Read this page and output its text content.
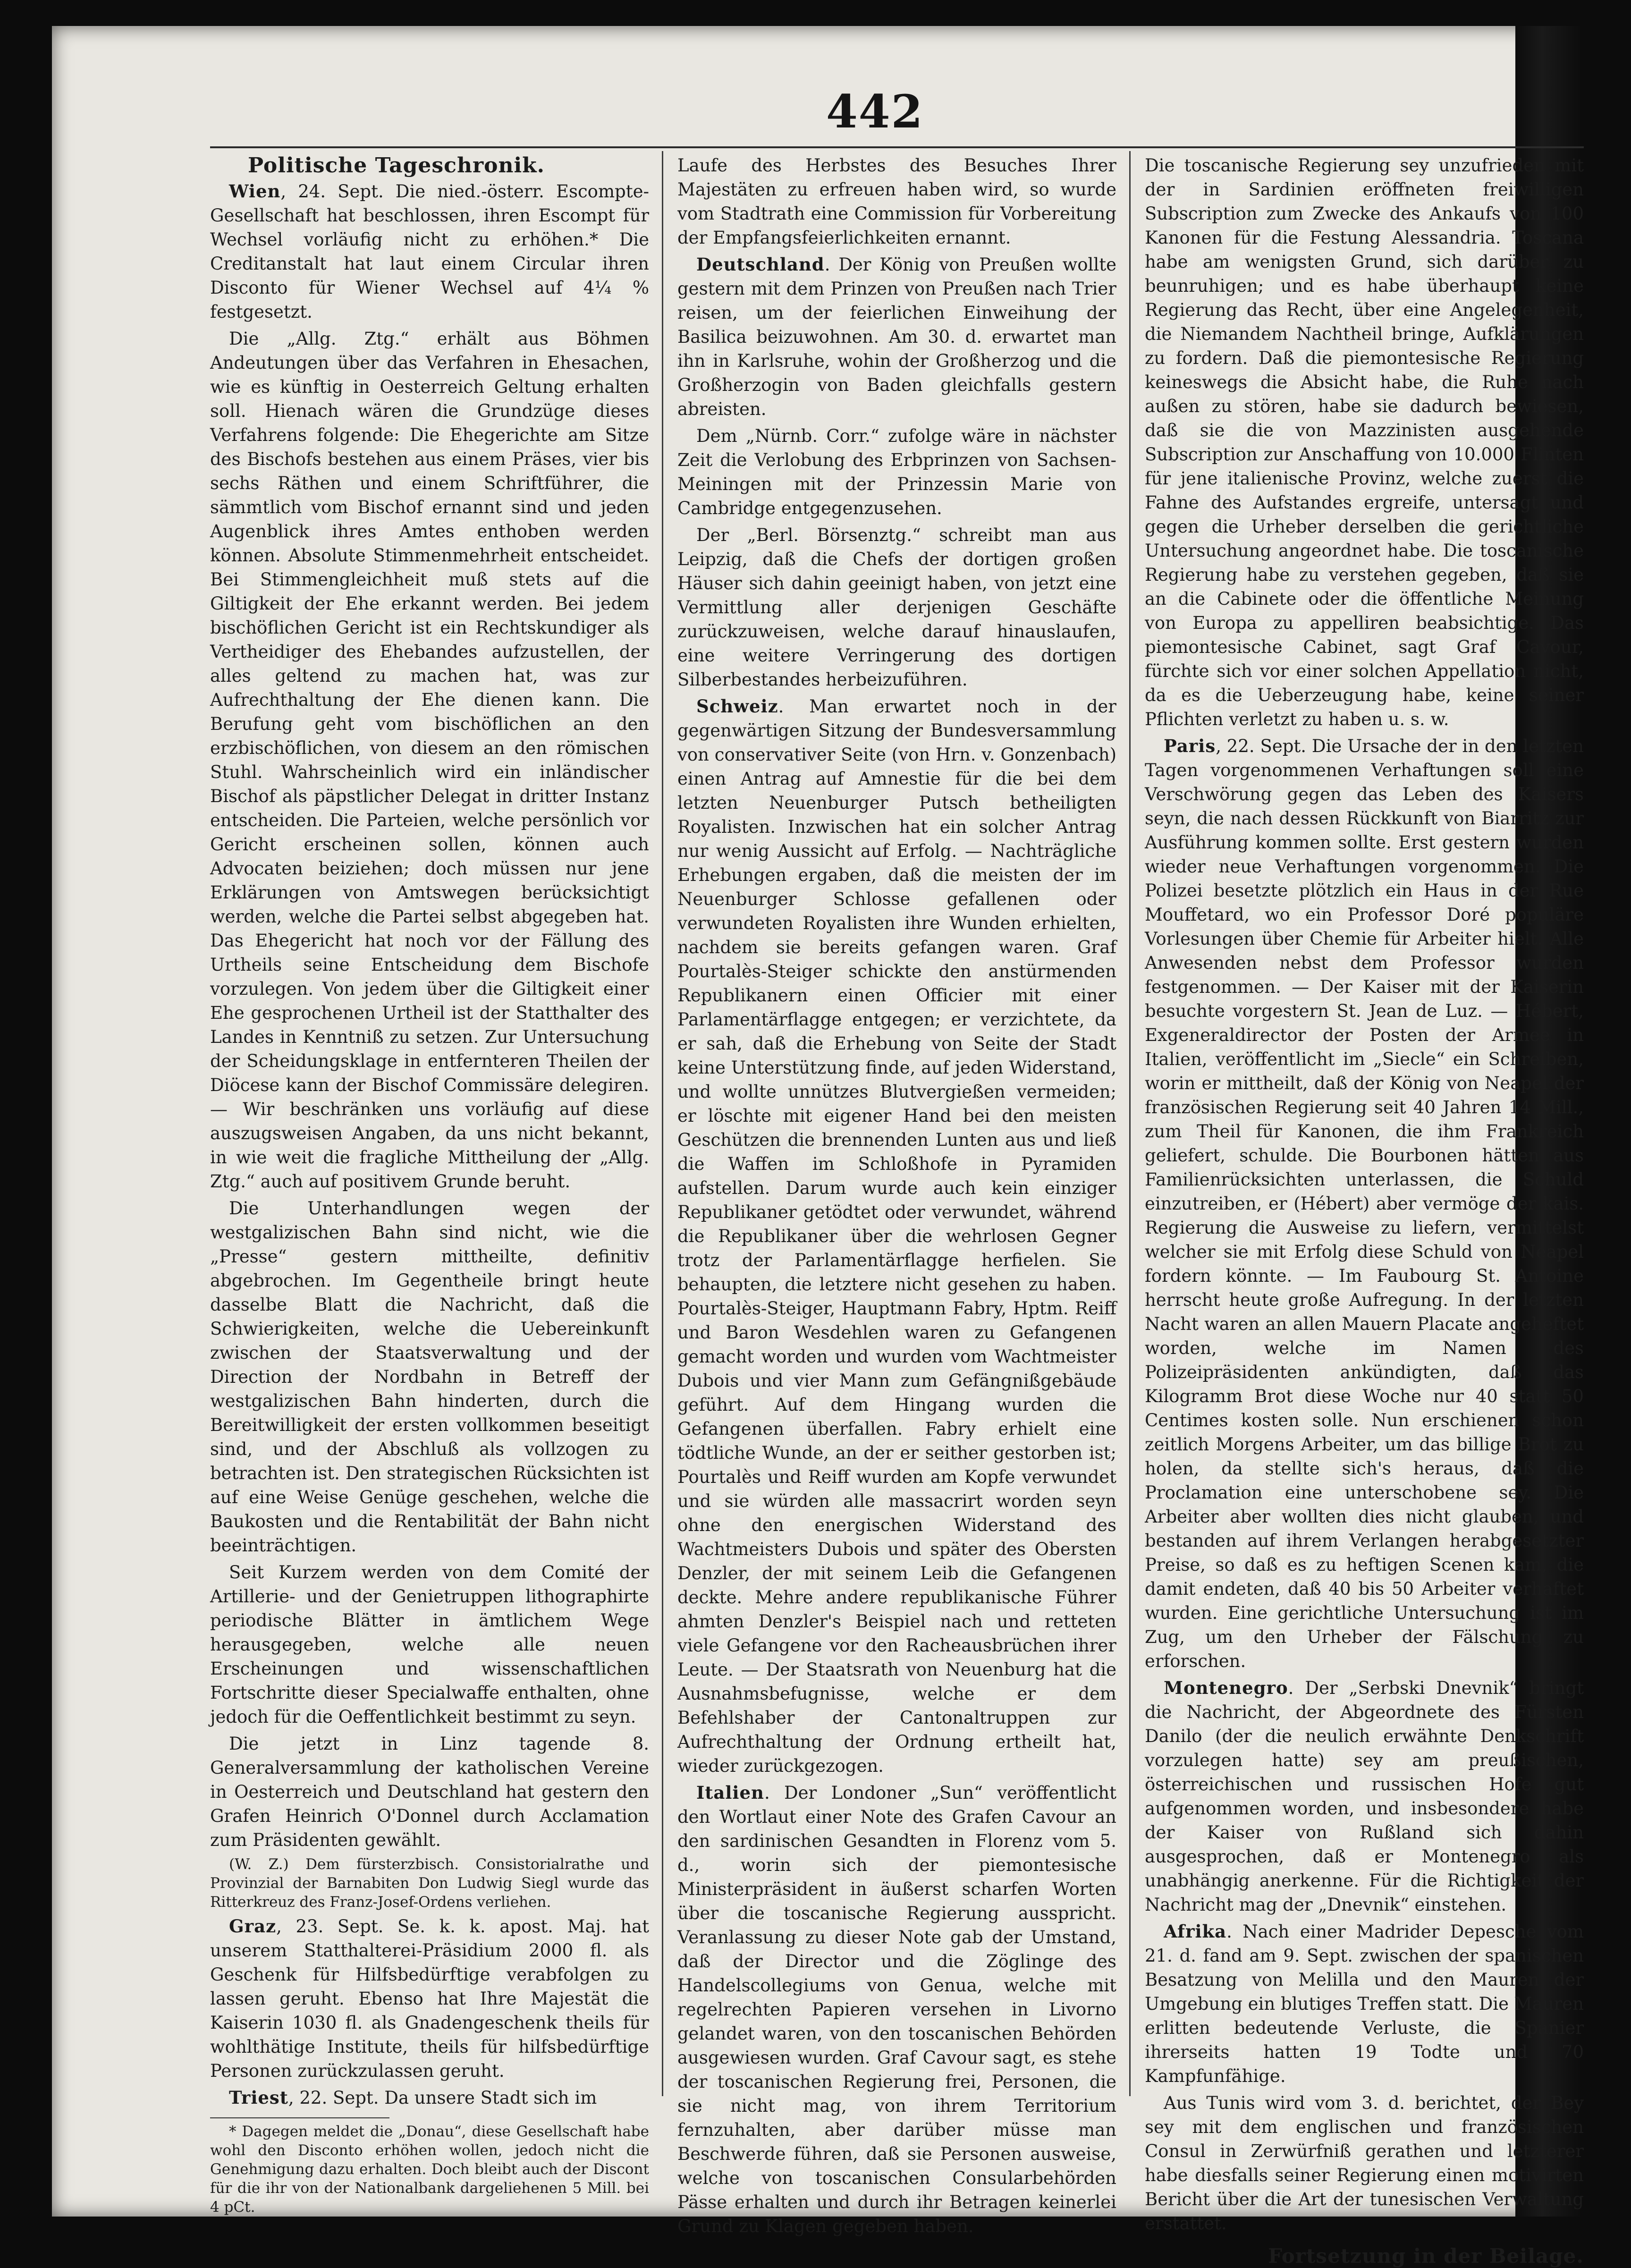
442
Politische Tageschronik.
Wien, 24. Sept. Die nied.-österr. Escompte-Gesellschaft hat beschlossen, ihren Escompt für Wechsel vorläufig nicht zu erhöhen.* Die Creditanstalt hat laut einem Circular ihren Disconto für Wiener Wechsel auf 4¼ % festgesetzt.
Die „Allg. Ztg.“ erhält aus Böhmen Andeutungen über das Verfahren in Ehesachen, wie es künftig in Oesterreich Geltung erhalten soll. Hienach wären die Grundzüge dieses Verfahrens folgende: Die Ehegerichte am Sitze des Bischofs bestehen aus einem Präses, vier bis sechs Räthen und einem Schriftführer, die sämmtlich vom Bischof ernannt sind und jeden Augenblick ihres Amtes enthoben werden können. Absolute Stimmenmehrheit entscheidet. Bei Stimmengleichheit muß stets auf die Giltigkeit der Ehe erkannt werden. Bei jedem bischöflichen Gericht ist ein Rechtskundiger als Vertheidiger des Ehebandes aufzustellen, der alles geltend zu machen hat, was zur Aufrechthaltung der Ehe dienen kann. Die Berufung geht vom bischöflichen an den erzbischöflichen, von diesem an den römischen Stuhl. Wahrscheinlich wird ein inländischer Bischof als päpstlicher Delegat in dritter Instanz entscheiden. Die Parteien, welche persönlich vor Gericht erscheinen sollen, können auch Advocaten beiziehen; doch müssen nur jene Erklärungen von Amtswegen berücksichtigt werden, welche die Partei selbst abgegeben hat. Das Ehegericht hat noch vor der Fällung des Urtheils seine Entscheidung dem Bischofe vorzulegen. Von jedem über die Giltigkeit einer Ehe gesprochenen Urtheil ist der Statthalter des Landes in Kenntniß zu setzen. Zur Untersuchung der Scheidungsklage in entfernteren Theilen der Diöcese kann der Bischof Commissäre delegiren. — Wir beschränken uns vorläufig auf diese auszugsweisen Angaben, da uns nicht bekannt, in wie weit die fragliche Mittheilung der „Allg. Ztg.“ auch auf positivem Grunde beruht.
Die Unterhandlungen wegen der westgalizischen Bahn sind nicht, wie die „Presse“ gestern mittheilte, definitiv abgebrochen. Im Gegentheile bringt heute dasselbe Blatt die Nachricht, daß die Schwierigkeiten, welche die Uebereinkunft zwischen der Staatsverwaltung und der Direction der Nordbahn in Betreff der westgalizischen Bahn hinderten, durch die Bereitwilligkeit der ersten vollkommen beseitigt sind, und der Abschluß als vollzogen zu betrachten ist. Den strategischen Rücksichten ist auf eine Weise Genüge geschehen, welche die Baukosten und die Rentabilität der Bahn nicht beeinträchtigen.
Seit Kurzem werden von dem Comité der Artillerie- und der Genietruppen lithographirte periodische Blätter in ämtlichem Wege herausgegeben, welche alle neuen Erscheinungen und wissenschaftlichen Fortschritte dieser Specialwaffe enthalten, ohne jedoch für die Oeffentlichkeit bestimmt zu seyn.
Die jetzt in Linz tagende 8. Generalversammlung der katholischen Vereine in Oesterreich und Deutschland hat gestern den Grafen Heinrich O'Donnel durch Acclamation zum Präsidenten gewählt.
(W. Z.) Dem fürsterzbisch. Consistorialrathe und Provinzial der Barnabiten Don Ludwig Siegl wurde das Ritterkreuz des Franz-Josef-Ordens verliehen.
Graz, 23. Sept. Se. k. k. apost. Maj. hat unserem Statthalterei-Präsidium 2000 fl. als Geschenk für Hilfsbedürftige verabfolgen zu lassen geruht. Ebenso hat Ihre Majestät die Kaiserin 1030 fl. als Gnadengeschenk theils für wohlthätige Institute, theils für hilfsbedürftige Personen zurückzulassen geruht.
Triest, 22. Sept. Da unsere Stadt sich im
* Dagegen meldet die „Donau“, diese Gesellschaft habe wohl den Disconto erhöhen wollen, jedoch nicht die Genehmigung dazu erhalten. Doch bleibt auch der Discont für die ihr von der Nationalbank dargeliehenen 5 Mill. bei 4 pCt.
Laufe des Herbstes des Besuches Ihrer Majestäten zu erfreuen haben wird, so wurde vom Stadtrath eine Commission für Vorbereitung der Empfangsfeierlichkeiten ernannt.
Deutschland. Der König von Preußen wollte gestern mit dem Prinzen von Preußen nach Trier reisen, um der feierlichen Einweihung der Basilica beizuwohnen. Am 30. d. erwartet man ihn in Karlsruhe, wohin der Großherzog und die Großherzogin von Baden gleichfalls gestern abreisten.
Dem „Nürnb. Corr.“ zufolge wäre in nächster Zeit die Verlobung des Erbprinzen von Sachsen-Meiningen mit der Prinzessin Marie von Cambridge entgegenzusehen.
Der „Berl. Börsenztg.“ schreibt man aus Leipzig, daß die Chefs der dortigen großen Häuser sich dahin geeinigt haben, von jetzt eine Vermittlung aller derjenigen Geschäfte zurückzuweisen, welche darauf hinauslaufen, eine weitere Verringerung des dortigen Silberbestandes herbeizuführen.
Schweiz. Man erwartet noch in der gegenwärtigen Sitzung der Bundesversammlung von conservativer Seite (von Hrn. v. Gonzenbach) einen Antrag auf Amnestie für die bei dem letzten Neuenburger Putsch betheiligten Royalisten. Inzwischen hat ein solcher Antrag nur wenig Aussicht auf Erfolg. — Nachträgliche Erhebungen ergaben, daß die meisten der im Neuenburger Schlosse gefallenen oder verwundeten Royalisten ihre Wunden erhielten, nachdem sie bereits gefangen waren. Graf Pourtalès-Steiger schickte den anstürmenden Republikanern einen Officier mit einer Parlamentärflagge entgegen; er verzichtete, da er sah, daß die Erhebung von Seite der Stadt keine Unterstützung finde, auf jeden Widerstand, und wollte unnützes Blutvergießen vermeiden; er löschte mit eigener Hand bei den meisten Geschützen die brennenden Lunten aus und ließ die Waffen im Schloßhofe in Pyramiden aufstellen. Darum wurde auch kein einziger Republikaner getödtet oder verwundet, während die Republikaner über die wehrlosen Gegner trotz der Parlamentärflagge herfielen. Sie behaupten, die letztere nicht gesehen zu haben. Pourtalès-Steiger, Hauptmann Fabry, Hptm. Reiff und Baron Wesdehlen waren zu Gefangenen gemacht worden und wurden vom Wachtmeister Dubois und vier Mann zum Gefängnißgebäude geführt. Auf dem Hingang wurden die Gefangenen überfallen. Fabry erhielt eine tödtliche Wunde, an der er seither gestorben ist; Pourtalès und Reiff wurden am Kopfe verwundet und sie würden alle massacrirt worden seyn ohne den energischen Widerstand des Wachtmeisters Dubois und später des Obersten Denzler, der mit seinem Leib die Gefangenen deckte. Mehre andere republikanische Führer ahmten Denzler's Beispiel nach und retteten viele Gefangene vor den Racheausbrüchen ihrer Leute. — Der Staatsrath von Neuenburg hat die Ausnahmsbefugnisse, welche er dem Befehlshaber der Cantonaltruppen zur Aufrechthaltung der Ordnung ertheilt hat, wieder zurückgezogen.
Italien. Der Londoner „Sun“ veröffentlicht den Wortlaut einer Note des Grafen Cavour an den sardinischen Gesandten in Florenz vom 5. d., worin sich der piemontesische Ministerpräsident in äußerst scharfen Worten über die toscanische Regierung ausspricht. Veranlassung zu dieser Note gab der Umstand, daß der Director und die Zöglinge des Handelscollegiums von Genua, welche mit regelrechten Papieren versehen in Livorno gelandet waren, von den toscanischen Behörden ausgewiesen wurden. Graf Cavour sagt, es stehe der toscanischen Regierung frei, Personen, die sie nicht mag, von ihrem Territorium fernzuhalten, aber darüber müsse man Beschwerde führen, daß sie Personen ausweise, welche von toscanischen Consularbehörden Pässe erhalten und durch ihr Betragen keinerlei Grund zu Klagen gegeben haben.
Die toscanische Regierung sey unzufrieden mit der in Sardinien eröffneten freiwilligen Subscription zum Zwecke des Ankaufs von 100 Kanonen für die Festung Alessandria. Toscana habe am wenigsten Grund, sich darüber zu beunruhigen; und es habe überhaupt keine Regierung das Recht, über eine Angelegenheit, die Niemandem Nachtheil bringe, Aufklärungen zu fordern. Daß die piemontesische Regierung keineswegs die Absicht habe, die Ruhe nach außen zu stören, habe sie dadurch bewiesen, daß sie die von Mazzinisten ausgehende Subscription zur Anschaffung von 10.000 Flinten für jene italienische Provinz, welche zuerst die Fahne des Aufstandes ergreife, untersagt und gegen die Urheber derselben die gerichtliche Untersuchung angeordnet habe. Die toscanische Regierung habe zu verstehen gegeben, daß sie an die Cabinete oder die öffentliche Meinung von Europa zu appelliren beabsichtige. Das piemontesische Cabinet, sagt Graf Cavour, fürchte sich vor einer solchen Appellation nicht, da es die Ueberzeugung habe, keine seiner Pflichten verletzt zu haben u. s. w.
Paris, 22. Sept. Die Ursache der in den letzten Tagen vorgenommenen Verhaftungen soll eine Verschwörung gegen das Leben des Kaisers seyn, die nach dessen Rückkunft von Biarritz zur Ausführung kommen sollte. Erst gestern wurden wieder neue Verhaftungen vorgenommen. Die Polizei besetzte plötzlich ein Haus in der Rue Mouffetard, wo ein Professor Doré populäre Vorlesungen über Chemie für Arbeiter hielt. Alle Anwesenden nebst dem Professor wurden festgenommen. — Der Kaiser mit der Kaiserin besuchte vorgestern St. Jean de Luz. — Hébert, Exgeneraldirector der Posten der Armee in Italien, veröffentlicht im „Siecle“ ein Schreiben, worin er mittheilt, daß der König von Neapel der französischen Regierung seit 40 Jahren 14 Mill., zum Theil für Kanonen, die ihm Frankreich geliefert, schulde. Die Bourbonen hätten aus Familienrücksichten unterlassen, die Schuld einzutreiben, er (Hébert) aber vermöge der kais. Regierung die Ausweise zu liefern, vermittelst welcher sie mit Erfolg diese Schuld von Neapel fordern könnte. — Im Faubourg St. Antoine herrscht heute große Aufregung. In der letzten Nacht waren an allen Mauern Placate angeheftet worden, welche im Namen des Polizeipräsidenten ankündigten, daß das Kilogramm Brot diese Woche nur 40 statt 50 Centimes kosten solle. Nun erschienen schon zeitlich Morgens Arbeiter, um das billige Brot zu holen, da stellte sich's heraus, daß die Proclamation eine unterschobene sey. Die Arbeiter aber wollten dies nicht glauben, und bestanden auf ihrem Verlangen herabgesetzter Preise, so daß es zu heftigen Scenen kam, die damit endeten, daß 40 bis 50 Arbeiter verhaftet wurden. Eine gerichtliche Untersuchung ist im Zug, um den Urheber der Fälschung zu erforschen.
Montenegro. Der „Serbski Dnevnik“ bringt die Nachricht, der Abgeordnete des Fürsten Danilo (der die neulich erwähnte Denkschrift vorzulegen hatte) sey am preußischen, österreichischen und russischen Hofe gut aufgenommen worden, und insbesondere habe der Kaiser von Rußland sich dahin ausgesprochen, daß er Montenegro als unabhängig anerkenne. Für die Richtigkeit der Nachricht mag der „Dnevnik“ einstehen.
Afrika. Nach einer Madrider Depesche vom 21. d. fand am 9. Sept. zwischen der spanischen Besatzung von Melilla und den Mauren der Umgebung ein blutiges Treffen statt. Die Mauren erlitten bedeutende Verluste, die Spanier ihrerseits hatten 19 Todte und 70 Kampfunfähige.
Aus Tunis wird vom 3. d. berichtet, der Bey sey mit dem englischen und französischen Consul in Zerwürfniß gerathen und letzterer habe diesfalls seiner Regierung einen motivirten Bericht über die Art der tunesischen Verwaltung erstattet.
Fortsetzung in der Beilage.
